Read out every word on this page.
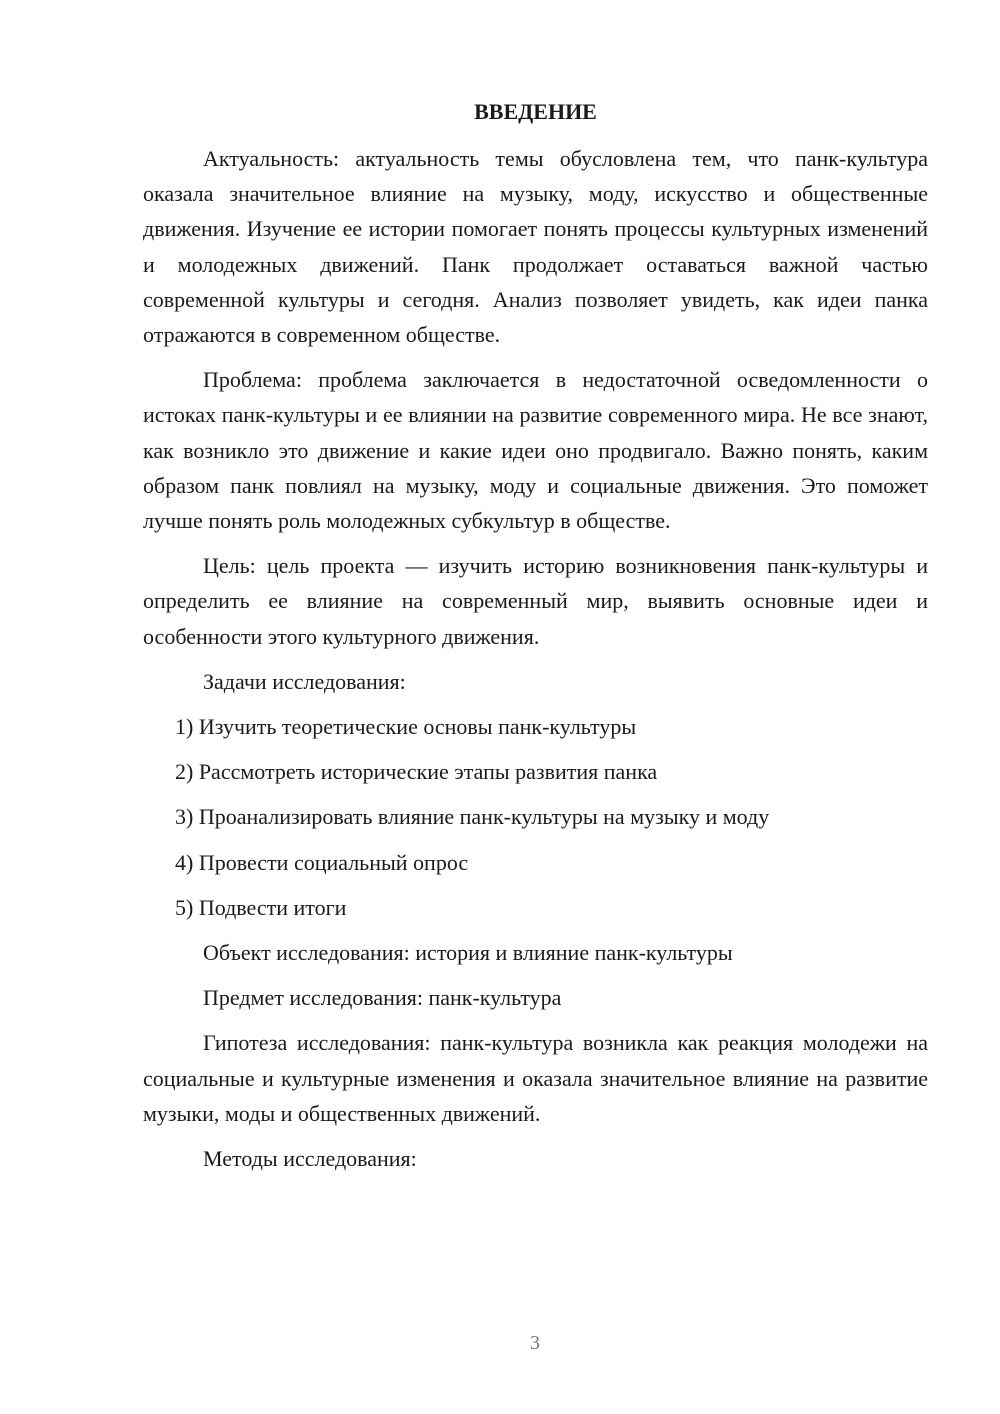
ВВЕДЕНИЕ

Актуальность: актуальность темы обусловлена тем, что панк-культура оказала значительное влияние на музыку, моду, искусство и общественные движения. Изучение ее истории помогает понять процессы культурных изменений и молодежных движений. Панк продолжает оставаться важной частью современной культуры и сегодня. Анализ позволяет увидеть, как идеи панка отражаются в современном обществе.

Проблема: проблема заключается в недостаточной осведомленности о истоках панк-культуры и ее влиянии на развитие современного мира. Не все знают, как возникло это движение и какие идеи оно продвигало. Важно понять, каким образом панк повлиял на музыку, моду и социальные движения. Это поможет лучше понять роль молодежных субкультур в обществе.

Цель: цель проекта — изучить историю возникновения панк-культуры и определить ее влияние на современный мир, выявить основные идеи и особенности этого культурного движения.

Задачи исследования:
1) Изучить теоретические основы панк-культуры
2) Рассмотреть исторические этапы развития панка
3) Проанализировать влияние панк-культуры на музыку и моду
4) Провести социальный опрос
5) Подвести итоги
Объект исследования: история и влияние панк-культуры
Предмет исследования: панк-культура

Гипотеза исследования: панк-культура возникла как реакция молодежи на социальные и культурные изменения и оказала значительное влияние на развитие музыки, моды и общественных движений.

Методы исследования:
3
